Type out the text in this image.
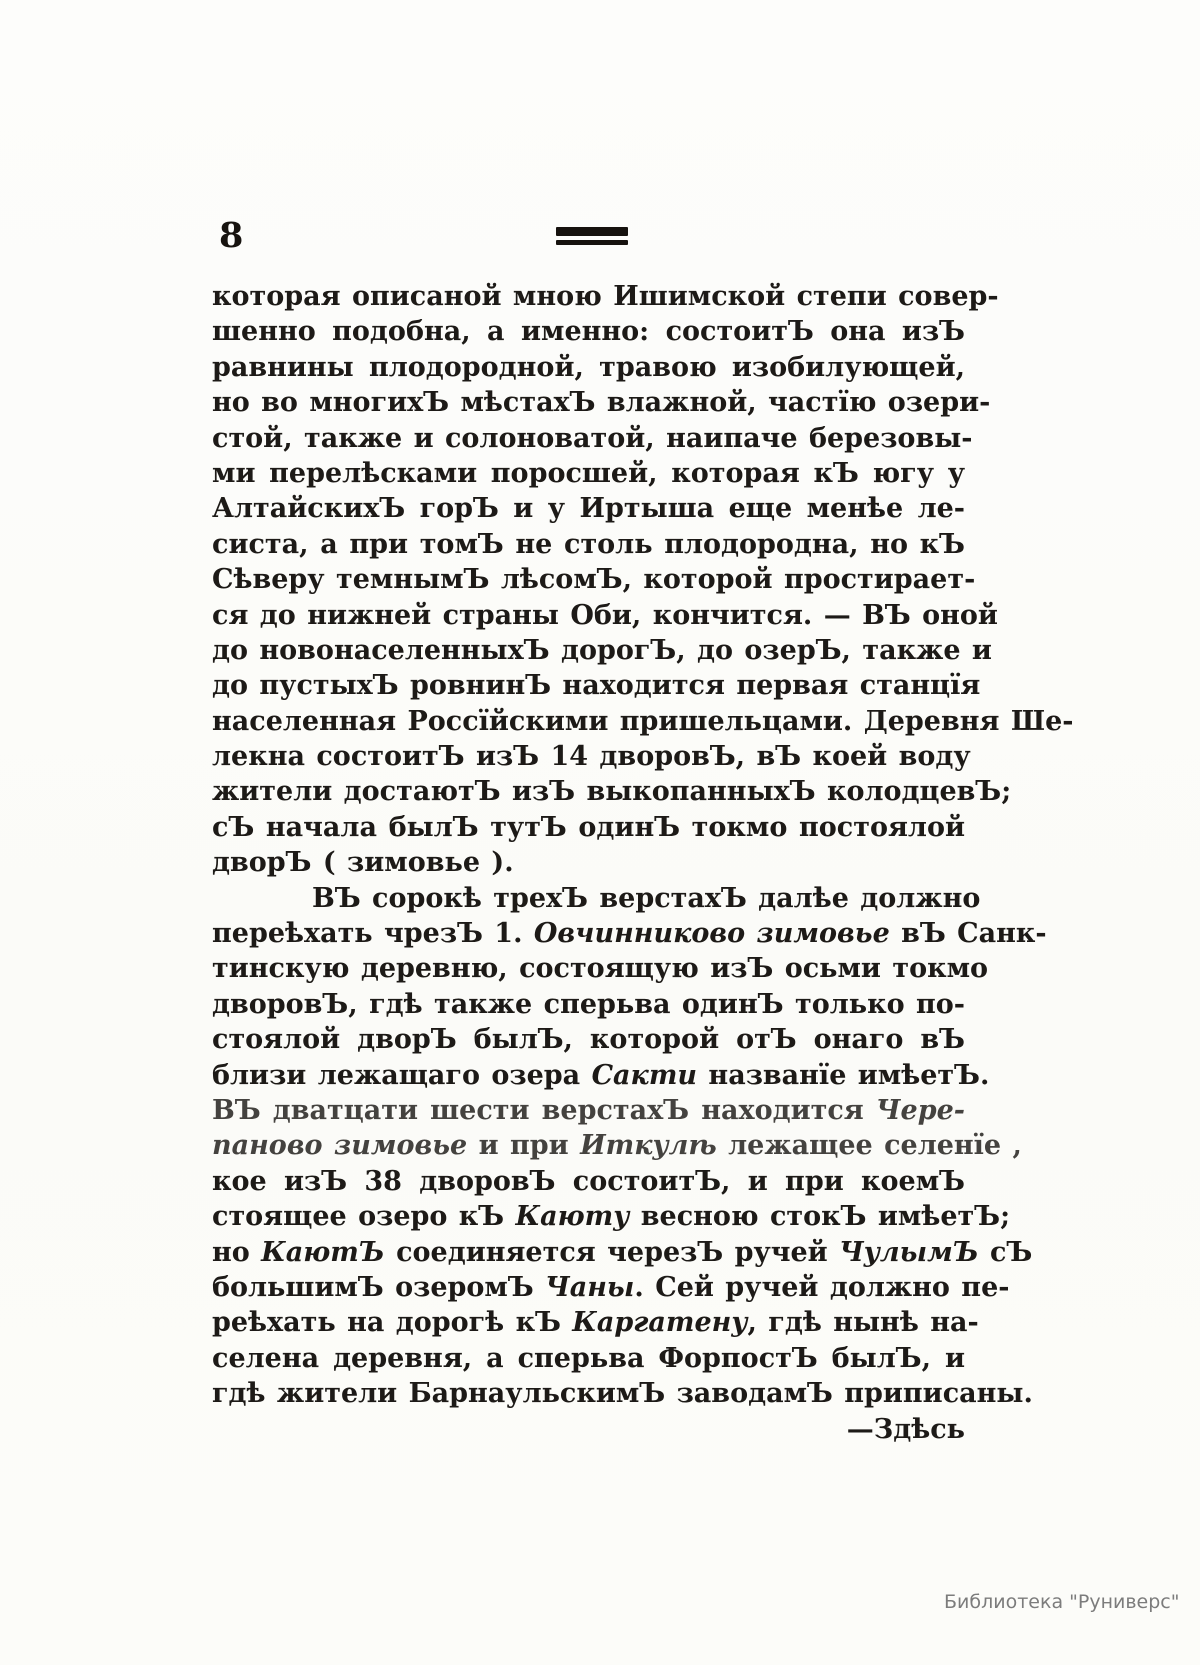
8
которая описаной мною Ишимской степи совер-
шенно подобна, а именно: состоитЪ она изЪ
равнины плодородной, травою изобилующей,
но во многихЪ мѣстахЪ влажной, частїю озери-
стой, также и солоноватой, наипаче березовы-
ми перелѣсками поросшей, которая кЪ югу у
АлтайскихЪ горЪ и у Иртыша еще менѣе ле-
систа, а при томЪ не столь плодородна, но кЪ
Сѣверу темнымЪ лѣсомЪ, которой простирает-
ся до нижней страны Оби, кончится. — ВЪ оной
до новонаселенныхЪ дорогЪ, до озерЪ, также и
до пустыхЪ ровнинЪ находится первая станцїя
населенная Россїйскими пришельцами. Деревня Ше-
лекна состоитЪ изЪ 14 дворовЪ, вЪ коей воду
жители достаютЪ изЪ выкопанныхЪ колодцевЪ;
сЪ начала былЪ тутЪ одинЪ токмо постоялой
дворЪ ( зимовье ).
ВЪ сорокѣ трехЪ верстахЪ далѣе должно
переѣхать чрезЪ 1. Овчинниково зимовье вЪ Санк-
тинскую деревню, состоящую изЪ осьми токмо
дворовЪ, гдѣ также сперьва одинЪ только по-
стоялой дворЪ былЪ, которой отЪ онаго вЪ
близи лежащаго озера Сакти названїе имѣетЪ.
ВЪ дватцати шести верстахЪ находится Чере-
паново зимовье и при Иткулѣ лежащее селенїе ,
кое изЪ 38 дворовЪ состоитЪ, и при коемЪ
стоящее озеро кЪ Каюту весною стокЪ имѣетЪ;
но КаютЪ соединяется черезЪ ручей ЧулымЪ сЪ
большимЪ озеромЪ Чаны. Сей ручей должно пе-
реѣхать на дорогѣ кЪ Каргатену, гдѣ нынѣ на-
селена деревня, а сперьва ФорпостЪ былЪ, и
гдѣ жители БарнаульскимЪ заводамЪ приписаны.
—Здѣсь
Библиотека "Руниверс"
